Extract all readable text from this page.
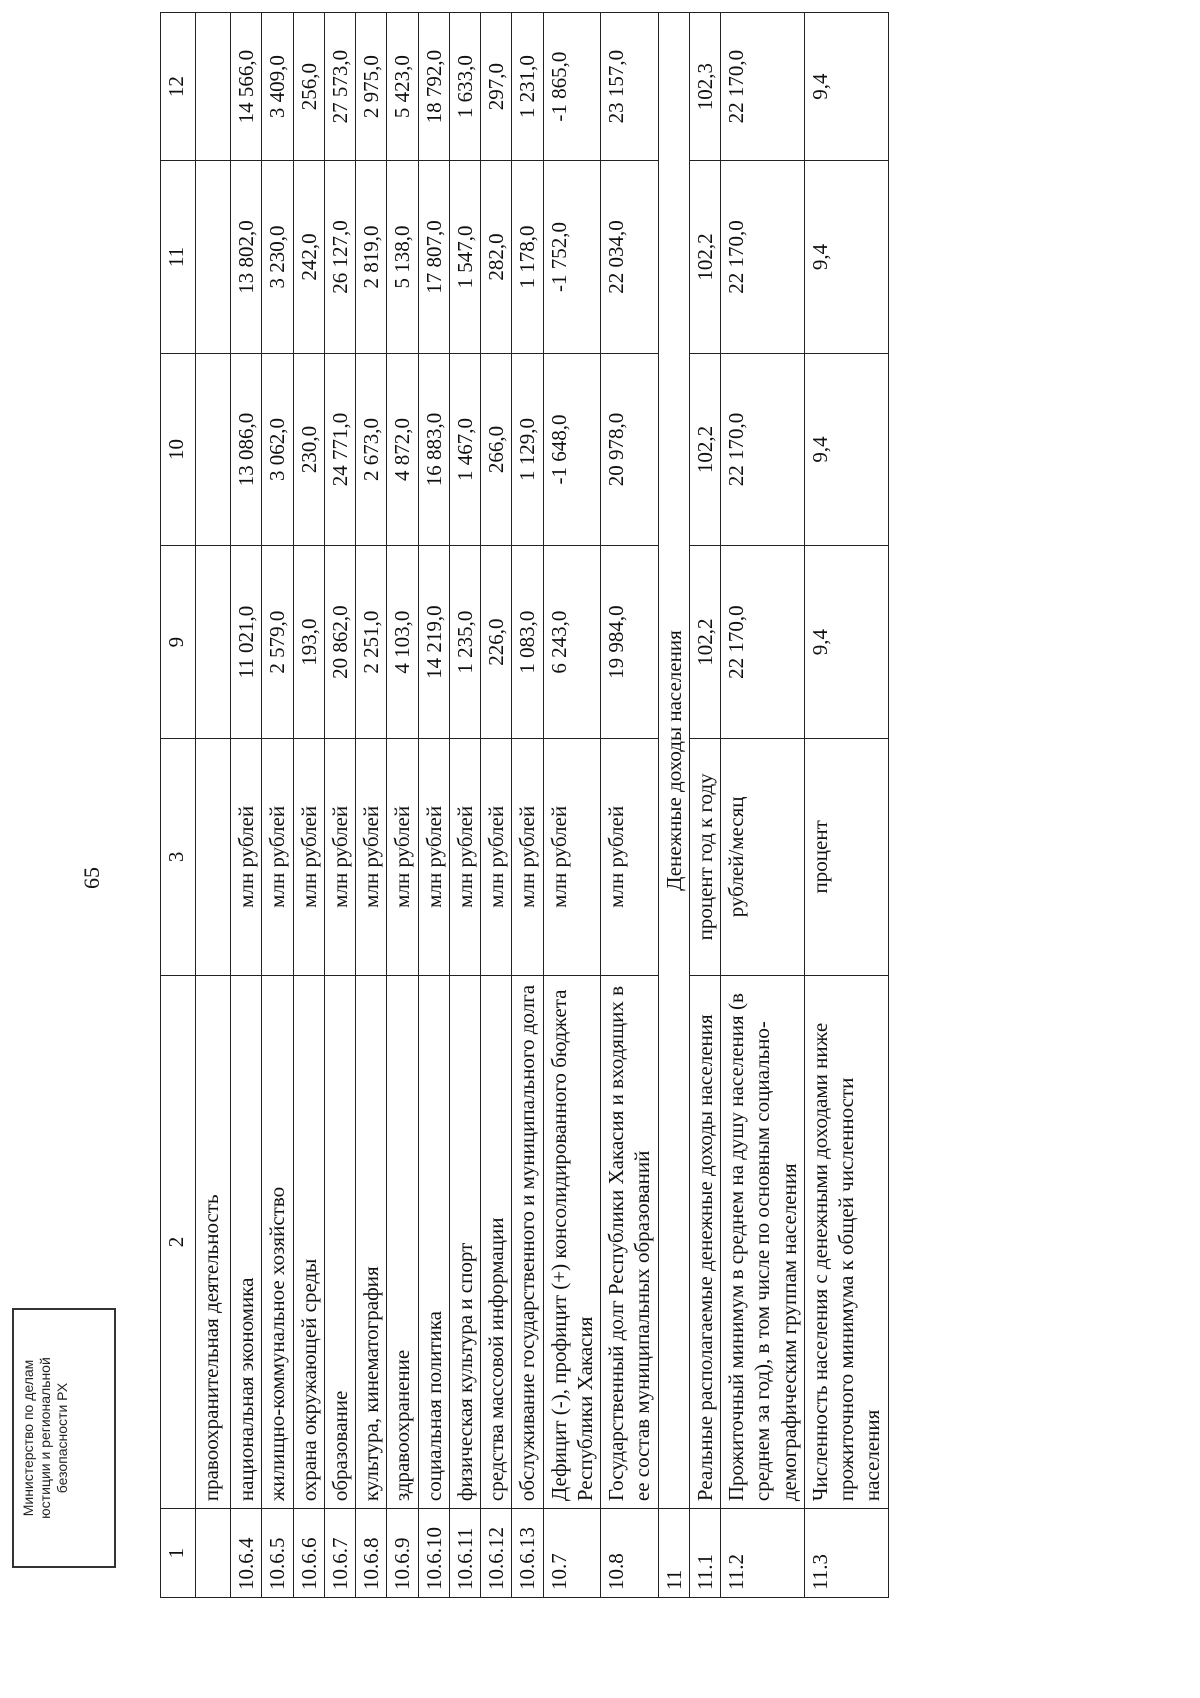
65
1	2	3	9	10	11	12
	правоохранительная деятельность					
10.6.4	национальная экономика	млн рублей	11 021,0	13 086,0	13 802,0	14 566,0
10.6.5	жилищно-коммунальное хозяйство	млн рублей	2 579,0	3 062,0	3 230,0	3 409,0
10.6.6	охрана окружающей среды	млн рублей	193,0	230,0	242,0	256,0
10.6.7	образование	млн рублей	20 862,0	24 771,0	26 127,0	27 573,0
10.6.8	культура, кинематография	млн рублей	2 251,0	2 673,0	2 819,0	2 975,0
10.6.9	здравоохранение	млн рублей	4 103,0	4 872,0	5 138,0	5 423,0
10.6.10	социальная политика	млн рублей	14 219,0	16 883,0	17 807,0	18 792,0
10.6.11	физическая культура и спорт	млн рублей	1 235,0	1 467,0	1 547,0	1 633,0
10.6.12	средства массовой информации	млн рублей	226,0	266,0	282,0	297,0
10.6.13	обслуживание государственного и муниципального долга	млн рублей	1 083,0	1 129,0	1 178,0	1 231,0
10.7	Дефицит (-), профицит (+) консолидированного бюджета Республики Хакасия	млн рублей	6 243,0	-1 648,0	-1 752,0	-1 865,0
10.8	Государственный долг Республики Хакасия и входящих в ее состав муниципальных образований	млн рублей	19 984,0	20 978,0	22 034,0	23 157,0
11	Денежные доходы населения					
11.1	Реальные располагаемые денежные доходы населения	процент год к году	102,2	102,2	102,2	102,3
11.2	Прожиточный минимум в среднем на душу населения (в среднем за год), в том числе по основным социально-демографическим группам населения	рублей/месяц	22 170,0	22 170,0	22 170,0	22 170,0
11.3	Численность населения с денежными доходами ниже прожиточного минимума к общей численности населения	процент	9,4	9,4	9,4	9,4
Министерство по делам юстиции и региональной безопасности РХ
